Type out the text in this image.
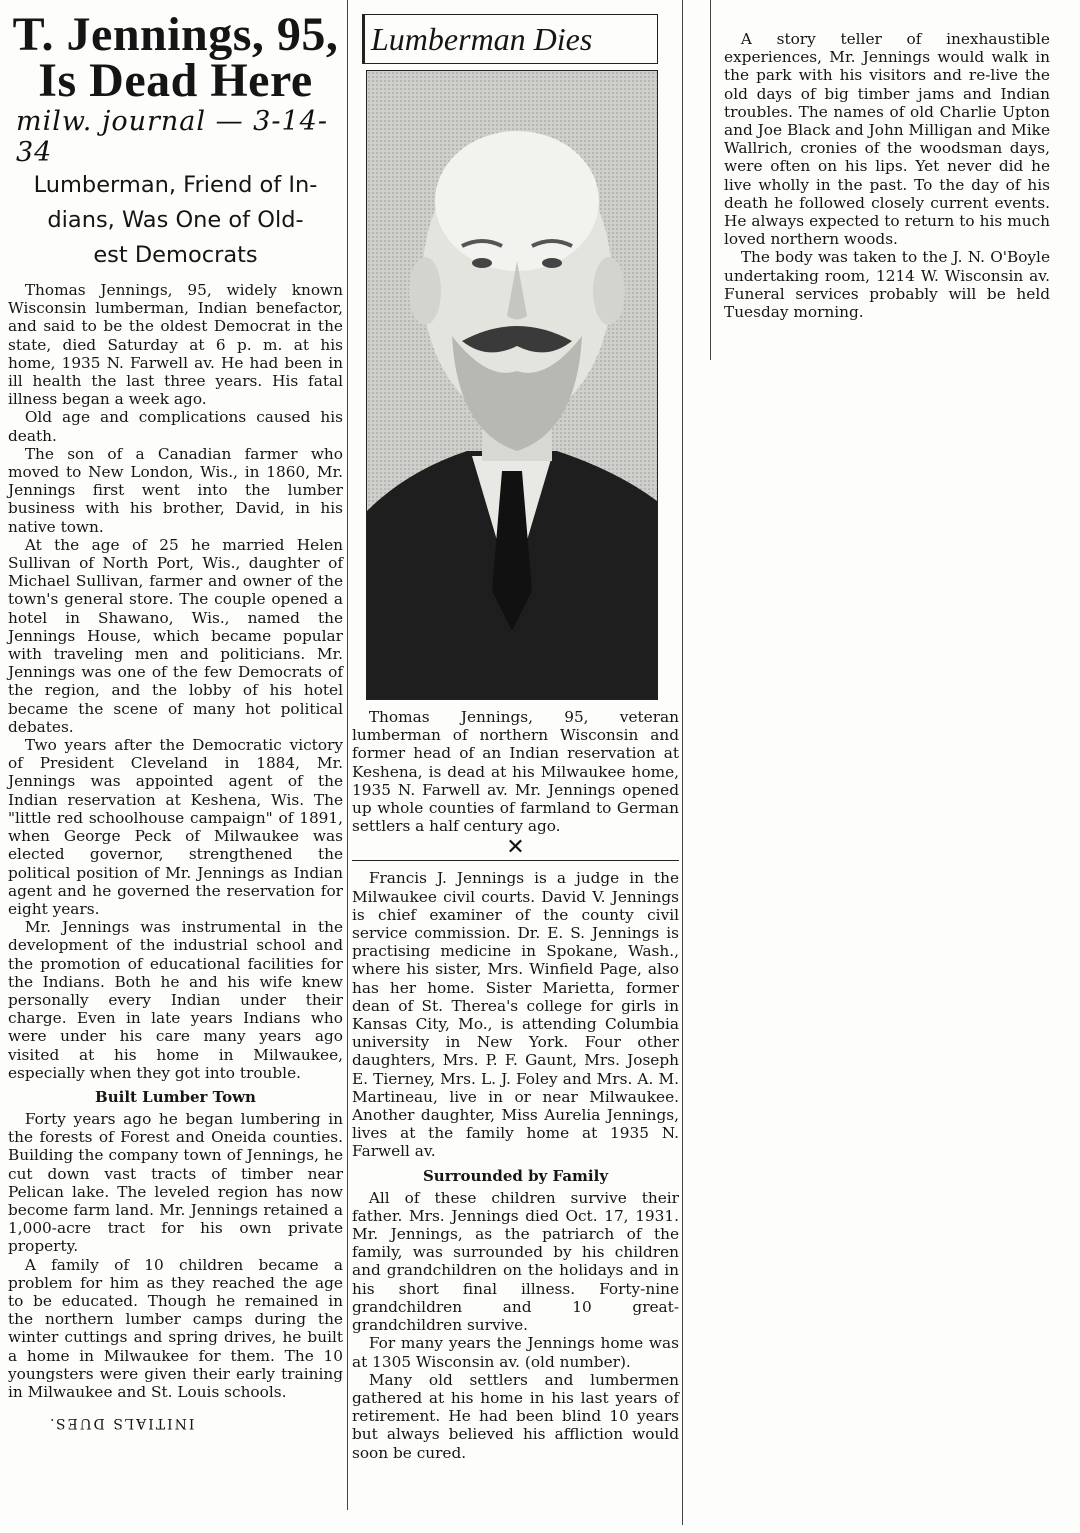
T. Jennings, 95,
Is Dead Here
milw. journal — 3-14-34
Lumberman, Friend of In-
dians, Was One of Old-
est Democrats

Thomas Jennings, 95, widely known Wisconsin lumberman, Indian benefactor, and said to be the oldest Democrat in the state, died Saturday at 6 p. m. at his home, 1935 N. Farwell av. He had been in ill health the last three years. His fatal illness began a week ago.

Old age and complications caused his death.

The son of a Canadian farmer who moved to New London, Wis., in 1860, Mr. Jennings first went into the lumber business with his brother, David, in his native town.

At the age of 25 he married Helen Sullivan of North Port, Wis., daughter of Michael Sullivan, farmer and owner of the town's general store. The couple opened a hotel in Shawano, Wis., named the Jennings House, which became popular with traveling men and politicians. Mr. Jennings was one of the few Democrats of the region, and the lobby of his hotel became the scene of many hot political debates.

Two years after the Democratic victory of President Cleveland in 1884, Mr. Jennings was appointed agent of the Indian reservation at Keshena, Wis. The "little red schoolhouse campaign" of 1891, when George Peck of Milwaukee was elected governor, strengthened the political position of Mr. Jennings as Indian agent and he governed the reservation for eight years.

Mr. Jennings was instrumental in the development of the industrial school and the promotion of educational facilities for the Indians. Both he and his wife knew personally every Indian under their charge. Even in late years Indians who were under his care many years ago visited at his home in Milwaukee, especially when they got into trouble.

Built Lumber Town

Forty years ago he began lumbering in the forests of Forest and Oneida counties. Building the company town of Jennings, he cut down vast tracts of timber near Pelican lake. The leveled region has now become farm land. Mr. Jennings retained a 1,000-acre tract for his own private property.

A family of 10 children became a problem for him as they reached the age to be educated. Though he remained in the northern lumber camps during the winter cuttings and spring drives, he built a home in Milwaukee for them. The 10 youngsters were given their early training in Milwaukee and St. Louis schools.

INITIALS DUES.
Lumberman Dies

Thomas Jennings, 95, veteran lumberman of northern Wisconsin and former head of an Indian reservation at Keshena, is dead at his Milwaukee home, 1935 N. Farwell av. Mr. Jennings opened up whole counties of farmland to German settlers a half century ago.

✕

Francis J. Jennings is a judge in the Milwaukee civil courts. David V. Jennings is chief examiner of the county civil service commission. Dr. E. S. Jennings is practising medicine in Spokane, Wash., where his sister, Mrs. Winfield Page, also has her home. Sister Marietta, former dean of St. Therea's college for girls in Kansas City, Mo., is attending Columbia university in New York. Four other daughters, Mrs. P. F. Gaunt, Mrs. Joseph E. Tierney, Mrs. L. J. Foley and Mrs. A. M. Martineau, live in or near Milwaukee. Another daughter, Miss Aurelia Jennings, lives at the family home at 1935 N. Farwell av.

Surrounded by Family

All of these children survive their father. Mrs. Jennings died Oct. 17, 1931. Mr. Jennings, as the patriarch of the family, was surrounded by his children and grandchildren on the holidays and in his short final illness. Forty-nine grandchildren and 10 great-grandchildren survive.

For many years the Jennings home was at 1305 Wisconsin av. (old number).

Many old settlers and lumbermen gathered at his home in his last years of retirement. He had been blind 10 years but always believed his affliction would soon be cured.

A story teller of inexhaustible experiences, Mr. Jennings would walk in the park with his visitors and re-live the old days of big timber jams and Indian troubles. The names of old Charlie Upton and Joe Black and John Milligan and Mike Wallrich, cronies of the woodsman days, were often on his lips. Yet never did he live wholly in the past. To the day of his death he followed closely current events. He always expected to return to his much loved northern woods.

The body was taken to the J. N. O'Boyle undertaking room, 1214 W. Wisconsin av. Funeral services probably will be held Tuesday morning.
